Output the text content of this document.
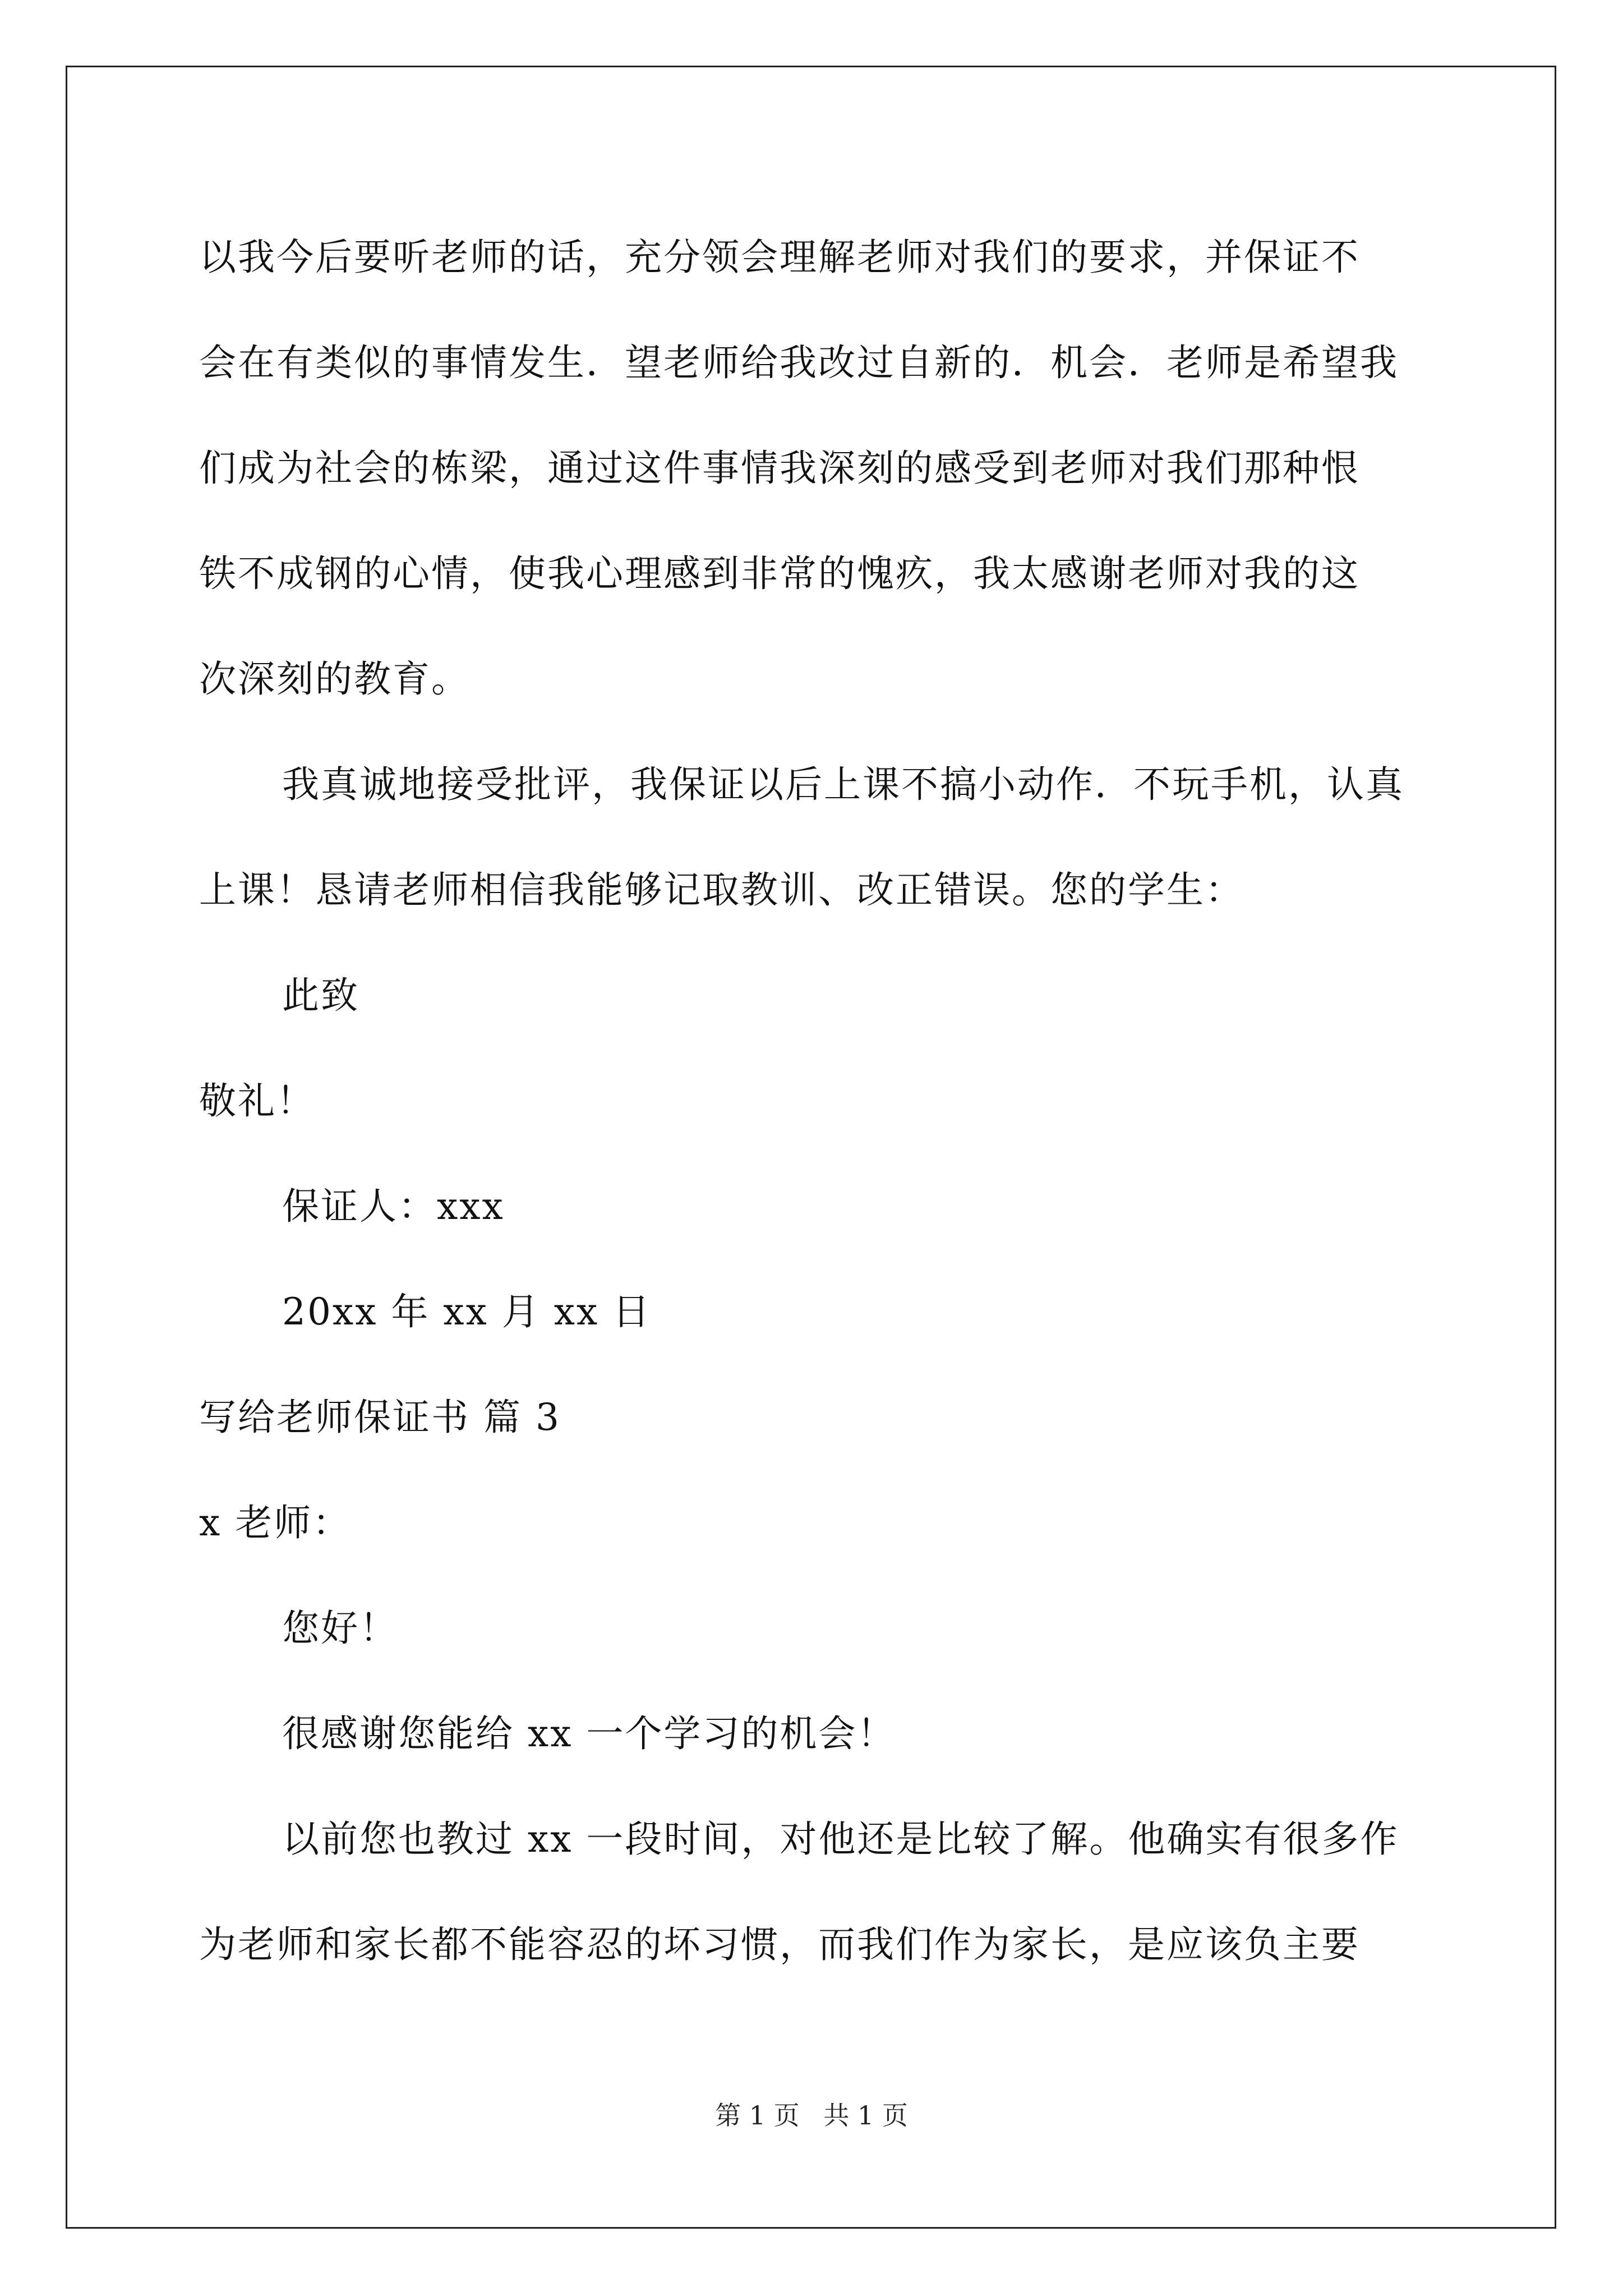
以我今后要听老师的话，充分领会理解老师对我们的要求，并保证不
会在有类似的事情发生．望老师给我改过自新的．机会．老师是希望我
们成为社会的栋梁，通过这件事情我深刻的感受到老师对我们那种恨
铁不成钢的心情，使我心理感到非常的愧疚，我太感谢老师对我的这
次深刻的教育。
我真诚地接受批评，我保证以后上课不搞小动作．不玩手机，认真
上课！恳请老师相信我能够记取教训、改正错误。您的学生：
此致
敬礼！
保证人：xxx
20xx 年 xx 月 xx 日
写给老师保证书 篇 3
x 老师：
您好！
很感谢您能给 xx 一个学习的机会！
以前您也教过 xx 一段时间，对他还是比较了解。他确实有很多作
为老师和家长都不能容忍的坏习惯，而我们作为家长，是应该负主要
第 1 页 共 1 页
